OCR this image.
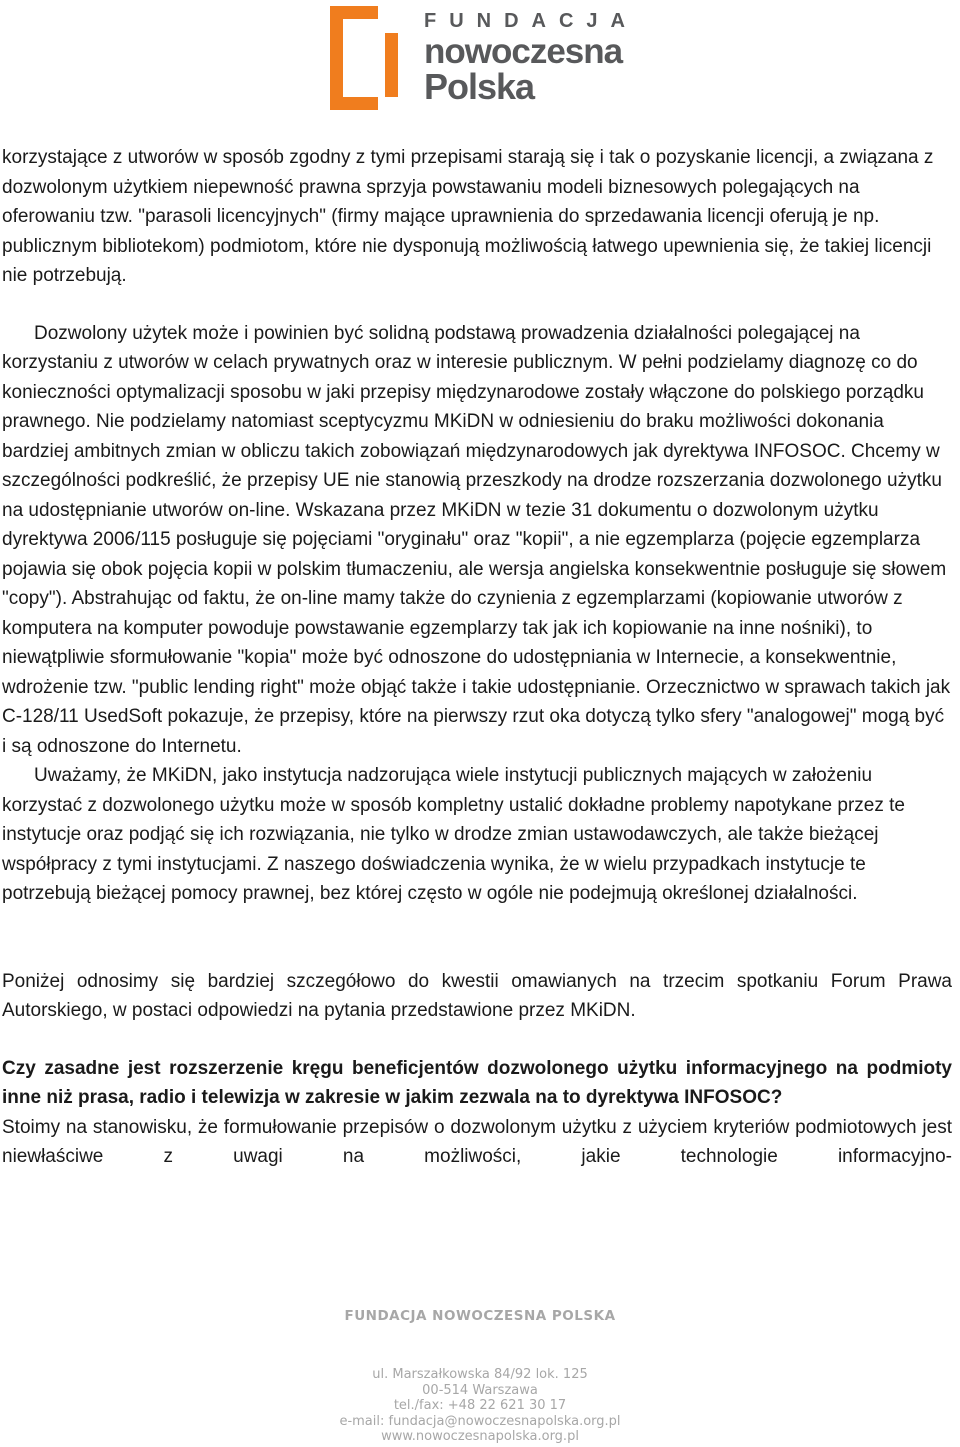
FUNDACJA
nowoczesna
Polska

korzystające z utworów w sposób zgodny z tymi przepisami starają się i tak o pozyskanie licencji, a związana z dozwolonym użytkiem niepewność prawna sprzyja powstawaniu modeli biznesowych polegających na oferowaniu tzw. "parasoli licencyjnych" (firmy mające uprawnienia do sprzedawania licencji oferują je np. publicznym bibliotekom) podmiotom, które nie dysponują możliwością łatwego upewnienia się, że takiej licencji nie potrzebują.

Dozwolony użytek może i powinien być solidną podstawą prowadzenia działalności polegającej na korzystaniu z utworów w celach prywatnych oraz w interesie publicznym. W pełni podzielamy diagnozę co do konieczności optymalizacji sposobu w jaki przepisy międzynarodowe zostały włączone do polskiego porządku prawnego. Nie podzielamy natomiast sceptycyzmu MKiDN w odniesieniu do braku możliwości dokonania bardziej ambitnych zmian w obliczu takich zobowiązań międzynarodowych jak dyrektywa INFOSOC. Chcemy w szczególności podkreślić, że przepisy UE nie stanowią przeszkody na drodze rozszerzania dozwolonego użytku na udostępnianie utworów on-line. Wskazana przez MKiDN w tezie 31 dokumentu o dozwolonym użytku dyrektywa 2006/115 posługuje się pojęciami "oryginału" oraz "kopii", a nie egzemplarza (pojęcie egzemplarza pojawia się obok pojęcia kopii w polskim tłumaczeniu, ale wersja angielska konsekwentnie posługuje się słowem "copy"). Abstrahując od faktu, że on-line mamy także do czynienia z egzemplarzami (kopiowanie utworów z komputera na komputer powoduje powstawanie egzemplarzy tak jak ich kopiowanie na inne nośniki), to niewątpliwie sformułowanie "kopia" może być odnoszone do udostępniania w Internecie, a konsekwentnie, wdrożenie tzw. "public lending right" może objąć także i takie udostępnianie. Orzecznictwo w sprawach takich jak C-128/11 UsedSoft pokazuje, że przepisy, które na pierwszy rzut oka dotyczą tylko sfery "analogowej" mogą być i są odnoszone do Internetu.

Uważamy, że MKiDN, jako instytucja nadzorująca wiele instytucji publicznych mających w założeniu korzystać z dozwolonego użytku może w sposób kompletny ustalić dokładne problemy napotykane przez te instytucje oraz podjąć się ich rozwiązania, nie tylko w drodze zmian ustawodawczych, ale także bieżącej współpracy z tymi instytucjami. Z naszego doświadczenia wynika, że w wielu przypadkach instytucje te potrzebują bieżącej pomocy prawnej, bez której często w ogóle nie podejmują określonej działalności.

Poniżej odnosimy się bardziej szczegółowo do kwestii omawianych na trzecim spotkaniu Forum Prawa Autorskiego, w postaci odpowiedzi na pytania przedstawione przez MKiDN.

Czy zasadne jest rozszerzenie kręgu beneficjentów dozwolonego użytku informacyjnego na podmioty inne niż prasa, radio i telewizja w zakresie w jakim zezwala na to dyrektywa INFOSOC?

Stoimy na stanowisku, że formułowanie przepisów o dozwolonym użytku z użyciem kryteriów podmiotowych jest niewłaściwe z uwagi na możliwości, jakie technologie informacyjno-

FUNDACJA NOWOCZESNA POLSKA
ul. Marszałkowska 84/92 lok. 125
00-514 Warszawa
tel./fax: +48 22 621 30 17
e-mail: fundacja@nowoczesnapolska.org.pl
www.nowoczesnapolska.org.pl
